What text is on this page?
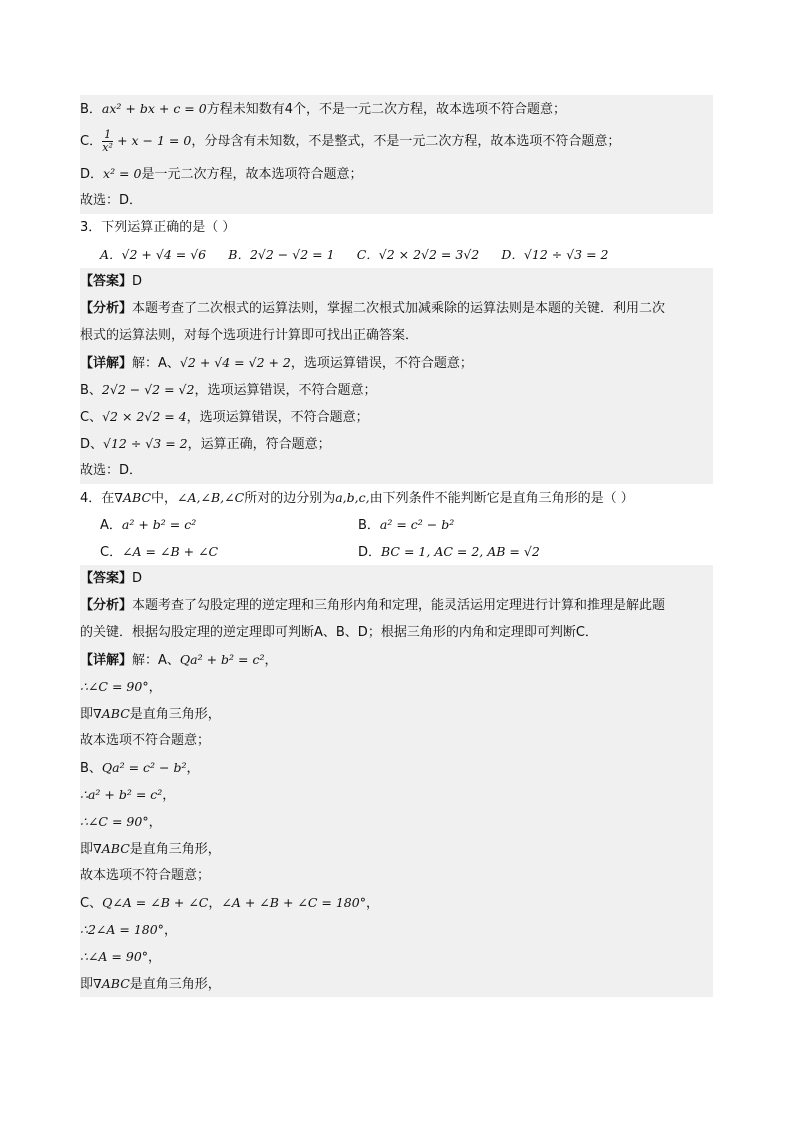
B．ax² + bx + c = 0方程未知数有4个，不是一元二次方程，故本选项不符合题意；
C． $\frac{1}{\text{x²}} + x - 1 = 0$，分母含有未知数，不是整式，不是一元二次方程，故本选项不符合题意；
D．x² = 0是一元二次方程，故本选项符合题意；
故选：D．
3．下列运算正确的是（ ）
A．√2 + √4 = √6 B．2√2 − √2 = 1 C．√2 × 2√2 = 3√2 D．√12 ÷ √3 = 2
【答案】D
【分析】本题考查了二次根式的运算法则，掌握二次根式加减乘除的运算法则是本题的关键．利用二次
根式的运算法则，对每个选项进行计算即可找出正确答案．
【详解】解：A、√2 + √4 = √2 + 2，选项运算错误，不符合题意；
B、2√2 − √2 = √2，选项运算错误，不符合题意；
C、√2 × 2√2 = 4，选项运算错误，不符合题意；
D、√12 ÷ √3 = 2，运算正确，符合题意；
故选：D．
4．在∇ABC中，∠A,∠B,∠C所对的边分别为a,b,c,由下列条件不能判断它是直角三角形的是（ ）
A．a² + b² = c²	B．a² = c² − b²
C．∠A = ∠B + ∠C	D．BC = 1, AC = 2, AB = √2
【答案】D
【分析】本题考查了勾股定理的逆定理和三角形内角和定理，能灵活运用定理进行计算和推理是解此题
的关键．根据勾股定理的逆定理即可判断A、B、D；根据三角形的内角和定理即可判断C．
【详解】解：A、Qa² + b² = c²，
∴∠C = 90°，
即∇ABC是直角三角形，
故本选项不符合题意；
B、Qa² = c² − b²，
∴a² + b² = c²，
∴∠C = 90°，
即∇ABC是直角三角形，
故本选项不符合题意；
C、Q∠A = ∠B + ∠C，∠A + ∠B + ∠C = 180°，
∴2∠A = 180°，
∴∠A = 90°，
即∇ABC是直角三角形，
